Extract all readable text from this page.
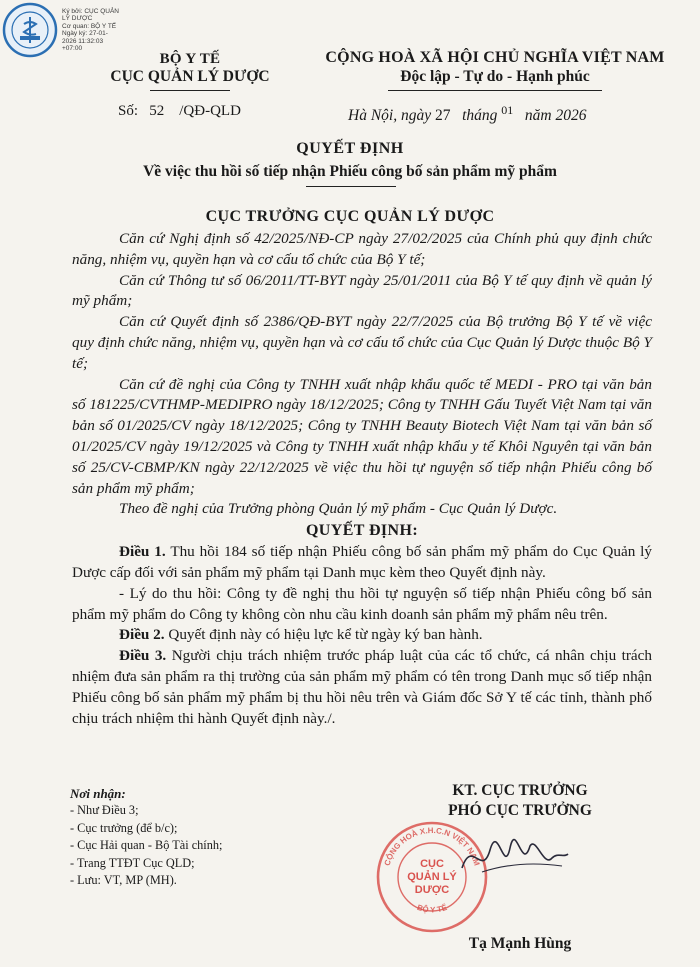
Ký bởi: CỤC QUẢN
LÝ DƯỢC
Cơ quan: BỘ Y TẾ
Ngày ký: 27-01-
2026 11:32:03
+07:00
BỘ Y TẾ
CỤC QUẢN LÝ DƯỢC
CỘNG HOÀ XÃ HỘI CHỦ NGHĨA VIỆT NAM
Độc lập - Tự do - Hạnh phúc
Số: 52 /QĐ-QLD	Hà Nội, ngày 27 tháng $^{01}$ năm 2026
QUYẾT ĐỊNH
Về việc thu hồi số tiếp nhận Phiếu công bố sản phẩm mỹ phẩm
CỤC TRƯỞNG CỤC QUẢN LÝ DƯỢC

Căn cứ Nghị định số 42/2025/NĐ-CP ngày 27/02/2025 của Chính phủ quy định chức năng, nhiệm vụ, quyền hạn và cơ cấu tổ chức của Bộ Y tế;

Căn cứ Thông tư số 06/2011/TT-BYT ngày 25/01/2011 của Bộ Y tế quy định về quản lý mỹ phẩm;

Căn cứ Quyết định số 2386/QĐ-BYT ngày 22/7/2025 của Bộ trưởng Bộ Y tế về việc quy định chức năng, nhiệm vụ, quyền hạn và cơ cấu tổ chức của Cục Quản lý Dược thuộc Bộ Y tế;

Căn cứ đề nghị của Công ty TNHH xuất nhập khẩu quốc tế MEDI - PRO tại văn bản số 181225/CVTHMP-MEDIPRO ngày 18/12/2025; Công ty TNHH Gấu Tuyết Việt Nam tại văn bản số 01/2025/CV ngày 18/12/2025; Công ty TNHH Beauty Biotech Việt Nam tại văn bản số 01/2025/CV ngày 19/12/2025 và Công ty TNHH xuất nhập khẩu y tế Khôi Nguyên tại văn bản số 25/CV-CBMP/KN ngày 22/12/2025 về việc thu hồi tự nguyện số tiếp nhận Phiếu công bố sản phẩm mỹ phẩm;

Theo đề nghị của Trưởng phòng Quản lý mỹ phẩm - Cục Quản lý Dược.

QUYẾT ĐỊNH:

Điều 1. Thu hồi 184 số tiếp nhận Phiếu công bố sản phẩm mỹ phẩm do Cục Quản lý Dược cấp đối với sản phẩm mỹ phẩm tại Danh mục kèm theo Quyết định này.

- Lý do thu hồi: Công ty đề nghị thu hồi tự nguyện số tiếp nhận Phiếu công bố sản phẩm mỹ phẩm do Công ty không còn nhu cầu kinh doanh sản phẩm mỹ phẩm nêu trên.

Điều 2. Quyết định này có hiệu lực kể từ ngày ký ban hành.

Điều 3. Người chịu trách nhiệm trước pháp luật của các tổ chức, cá nhân chịu trách nhiệm đưa sản phẩm ra thị trường của sản phẩm mỹ phẩm có tên trong Danh mục số tiếp nhận Phiếu công bố sản phẩm mỹ phẩm bị thu hồi nêu trên và Giám đốc Sở Y tế các tỉnh, thành phố chịu trách nhiệm thi hành Quyết định này./.

Nơi nhận:
- Như Điều 3;
- Cục trưởng (để b/c);
- Cục Hải quan - Bộ Tài chính;
- Trang TTĐT Cục QLD;
- Lưu: VT, MP (MH).
KT. CỤC TRƯỞNG
PHÓ CỤC TRƯỞNG
CỘNG HOÀ X.H.C.N VIỆT NAM
BỘ Y TẾ
CỤC
QUẢN LÝ
DƯỢC
Tạ Mạnh Hùng
